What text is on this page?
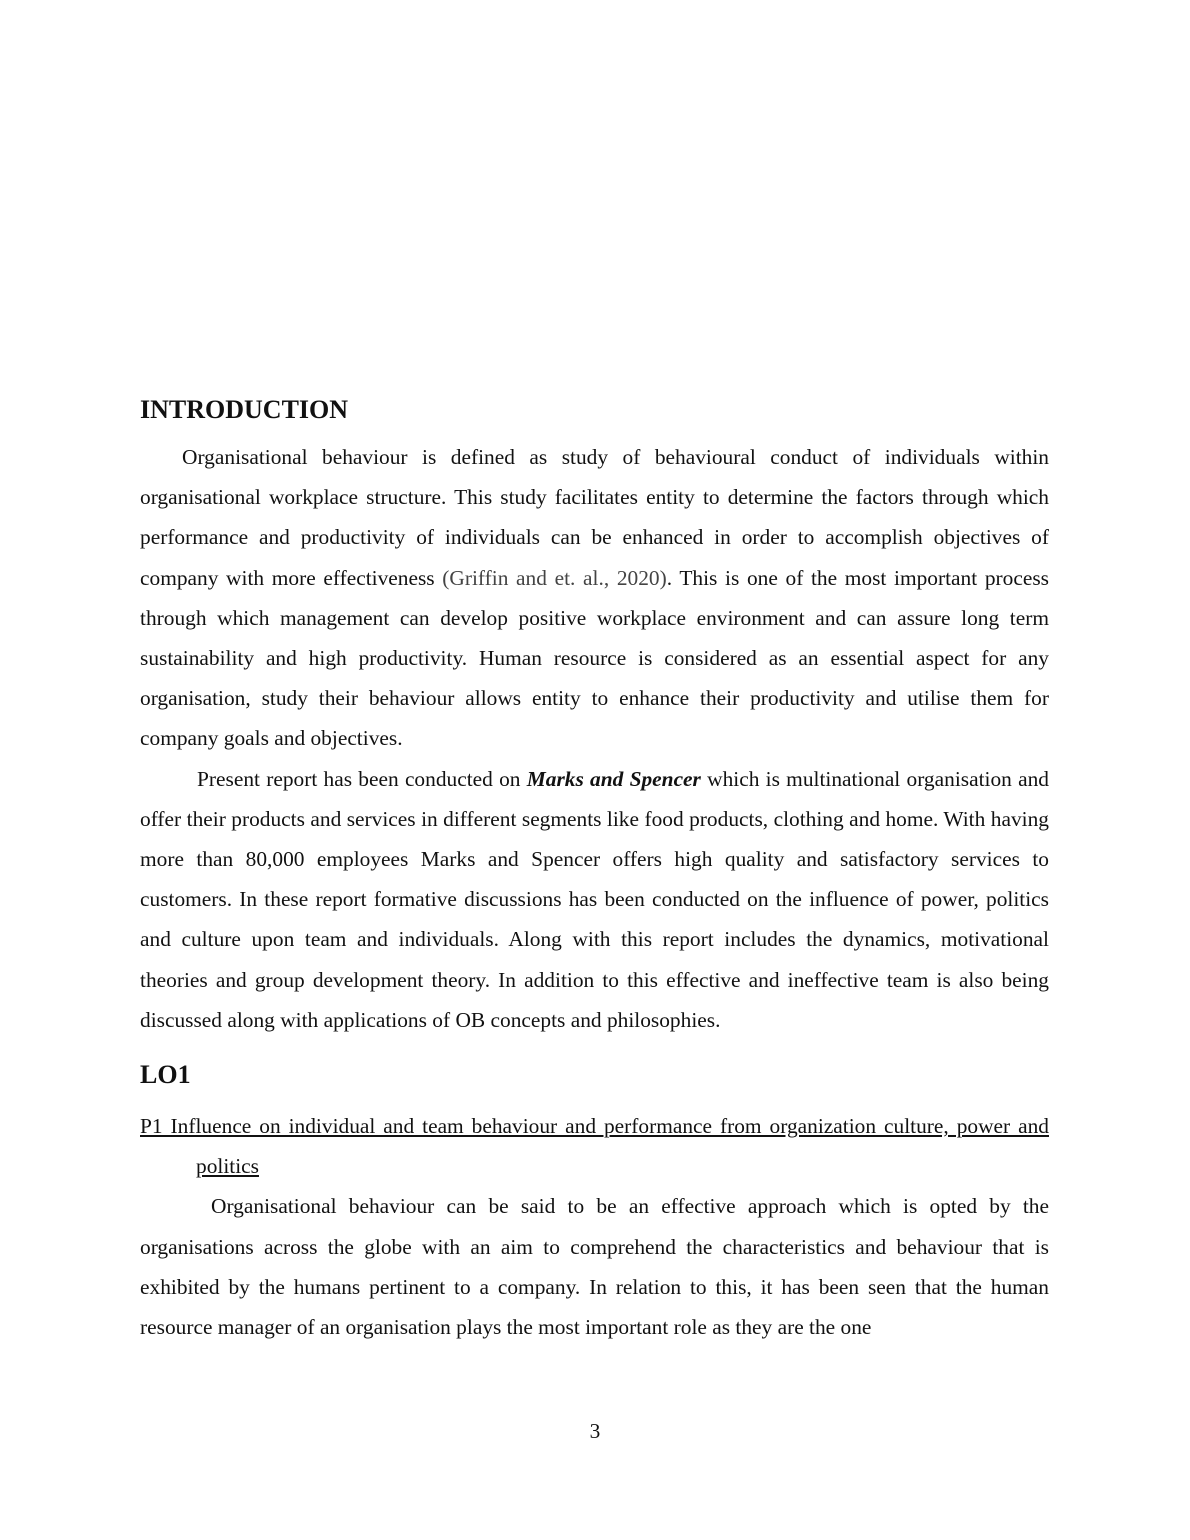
INTRODUCTION

Organisational behaviour is defined as study of behavioural conduct of individuals within organisational workplace structure. This study facilitates entity to determine the factors through which performance and productivity of individuals can be enhanced in order to accomplish objectives of company with more effectiveness (Griffin and et. al., 2020). This is one of the most important process through which management can develop positive workplace environment and can assure long term sustainability and high productivity. Human resource is considered as an essential aspect for any organisation, study their behaviour allows entity to enhance their productivity and utilise them for company goals and objectives.

Present report has been conducted on Marks and Spencer which is multinational organisation and offer their products and services in different segments like food products, clothing and home. With having more than 80,000 employees Marks and Spencer offers high quality and satisfactory services to customers. In these report formative discussions has been conducted on the influence of power, politics and culture upon team and individuals. Along with this report includes the dynamics, motivational theories and group development theory. In addition to this effective and ineffective team is also being discussed along with applications of OB concepts and philosophies.

LO1

P1 Influence on individual and team behaviour and performance from organization culture, power and politics

Organisational behaviour can be said to be an effective approach which is opted by the organisations across the globe with an aim to comprehend the characteristics and behaviour that is exhibited by the humans pertinent to a company. In relation to this, it has been seen that the human resource manager of an organisation plays the most important role as they are the one

3
